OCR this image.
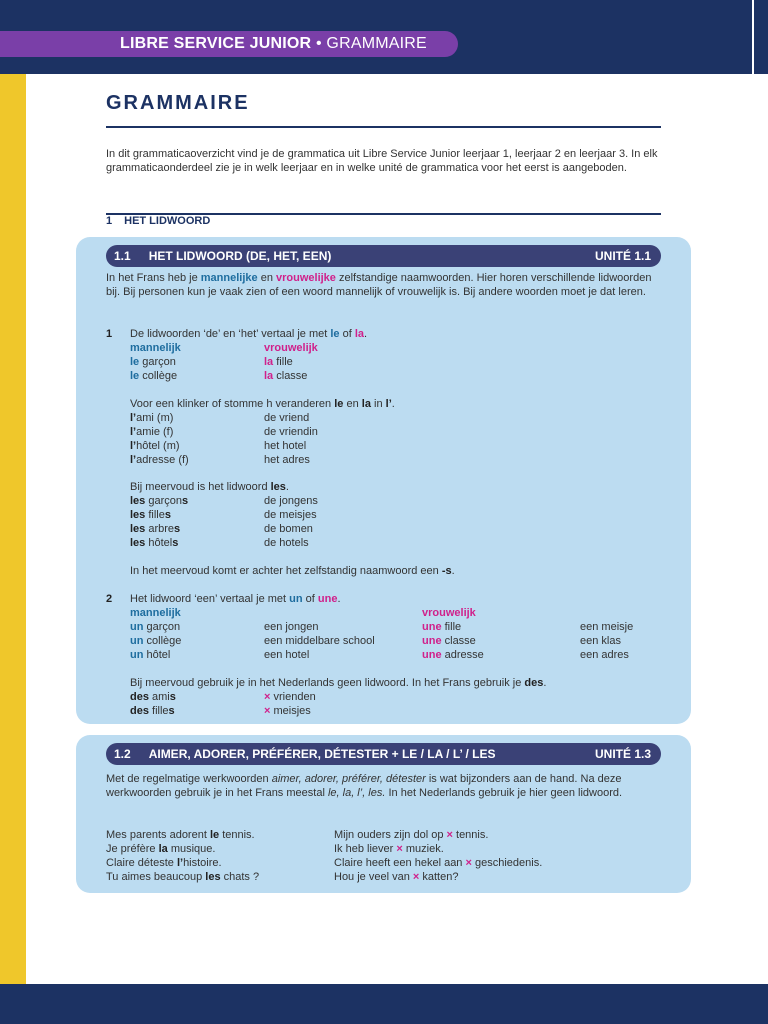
LIBRE SERVICE JUNIOR • GRAMMAIRE
GRAMMAIRE
In dit grammaticaoverzicht vind je de grammatica uit Libre Service Junior leerjaar 1, leerjaar 2 en leerjaar 3. In elk grammaticaonderdeel zie je in welk leerjaar en in welke unité de grammatica voor het eerst is aangeboden.
1 HET LIDWOORD
1.1 HET LIDWOORD (DE, HET, EEN)	UNITÉ 1.1
In het Frans heb je mannelijke en vrouwelijke zelfstandige naamwoorden. Hier horen verschillende lidwoorden bij. Bij personen kun je vaak zien of een woord mannelijk of vrouwelijk is. Bij andere woorden moet je dat leren.
1 De lidwoorden ‘de’ en ‘het’ vertaal je met le of la.
mannelijk	vrouwelijk
le garçon	la fille
le collège	la classe
Voor een klinker of stomme h veranderen le en la in l’.
l’ami (m)	de vriend
l’amie (f)	de vriendin
l’hôtel (m)	het hotel
l’adresse (f)	het adres
Bij meervoud is het lidwoord les.
les garçons	de jongens
les filles	de meisjes
les arbres	de bomen
les hôtels	de hotels
In het meervoud komt er achter het zelfstandig naamwoord een -s.
2 Het lidwoord ‘een’ vertaal je met un of une.
mannelijk	vrouwelijk
un garçon	een jongen	une fille	een meisje
un collège	een middelbare school	une classe	een klas
un hôtel	een hotel	une adresse	een adres
Bij meervoud gebruik je in het Nederlands geen lidwoord. In het Frans gebruik je des.
des amis	× vrienden
des filles	× meisjes
1.2 AIMER, ADORER, PRÉFÉRER, DÉTESTER + LE / LA / L’ / LES	UNITÉ 1.3
Met de regelmatige werkwoorden aimer, adorer, préférer, détester is wat bijzonders aan de hand. Na deze werkwoorden gebruik je in het Frans meestal le, la, l’, les. In het Nederlands gebruik je hier geen lidwoord.
Mes parents adorent le tennis.	Mijn ouders zijn dol op × tennis.
Je préfère la musique.	Ik heb liever × muziek.
Claire déteste l’histoire.	Claire heeft een hekel aan × geschiedenis.
Tu aimes beaucoup les chats ?	Hou je veel van × katten?
